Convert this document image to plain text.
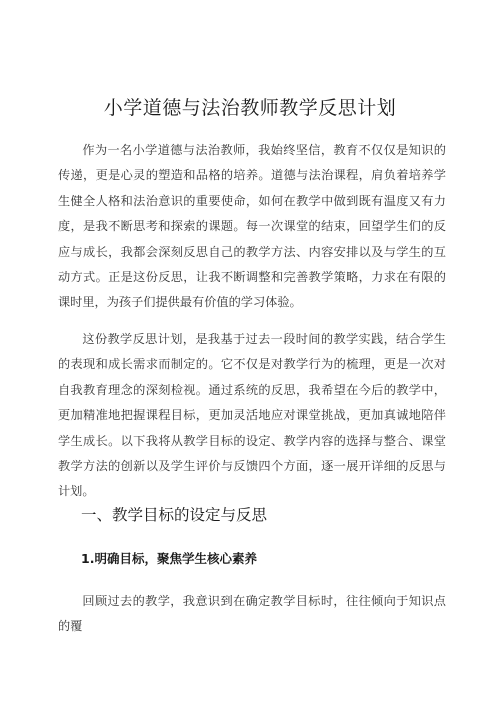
小学道德与法治教师教学反思计划

作为一名小学道德与法治教师，我始终坚信，教育不仅仅是知识的传递，更是心灵的塑造和品格的培养。道德与法治课程，肩负着培养学生健全人格和法治意识的重要使命，如何在教学中做到既有温度又有力度，是我不断思考和探索的课题。每一次课堂的结束，回望学生们的反应与成长，我都会深刻反思自己的教学方法、内容安排以及与学生的互动方式。正是这份反思，让我不断调整和完善教学策略，力求在有限的课时里，为孩子们提供最有价值的学习体验。

这份教学反思计划，是我基于过去一段时间的教学实践，结合学生的表现和成长需求而制定的。它不仅是对教学行为的梳理，更是一次对自我教育理念的深刻检视。通过系统的反思，我希望在今后的教学中，更加精准地把握课程目标，更加灵活地应对课堂挑战，更加真诚地陪伴学生成长。以下我将从教学目标的设定、教学内容的选择与整合、课堂教学方法的创新以及学生评价与反馈四个方面，逐一展开详细的反思与计划。

一、教学目标的设定与反思
1.明确目标，聚焦学生核心素养

回顾过去的教学，我意识到在确定教学目标时，往往倾向于知识点的覆
